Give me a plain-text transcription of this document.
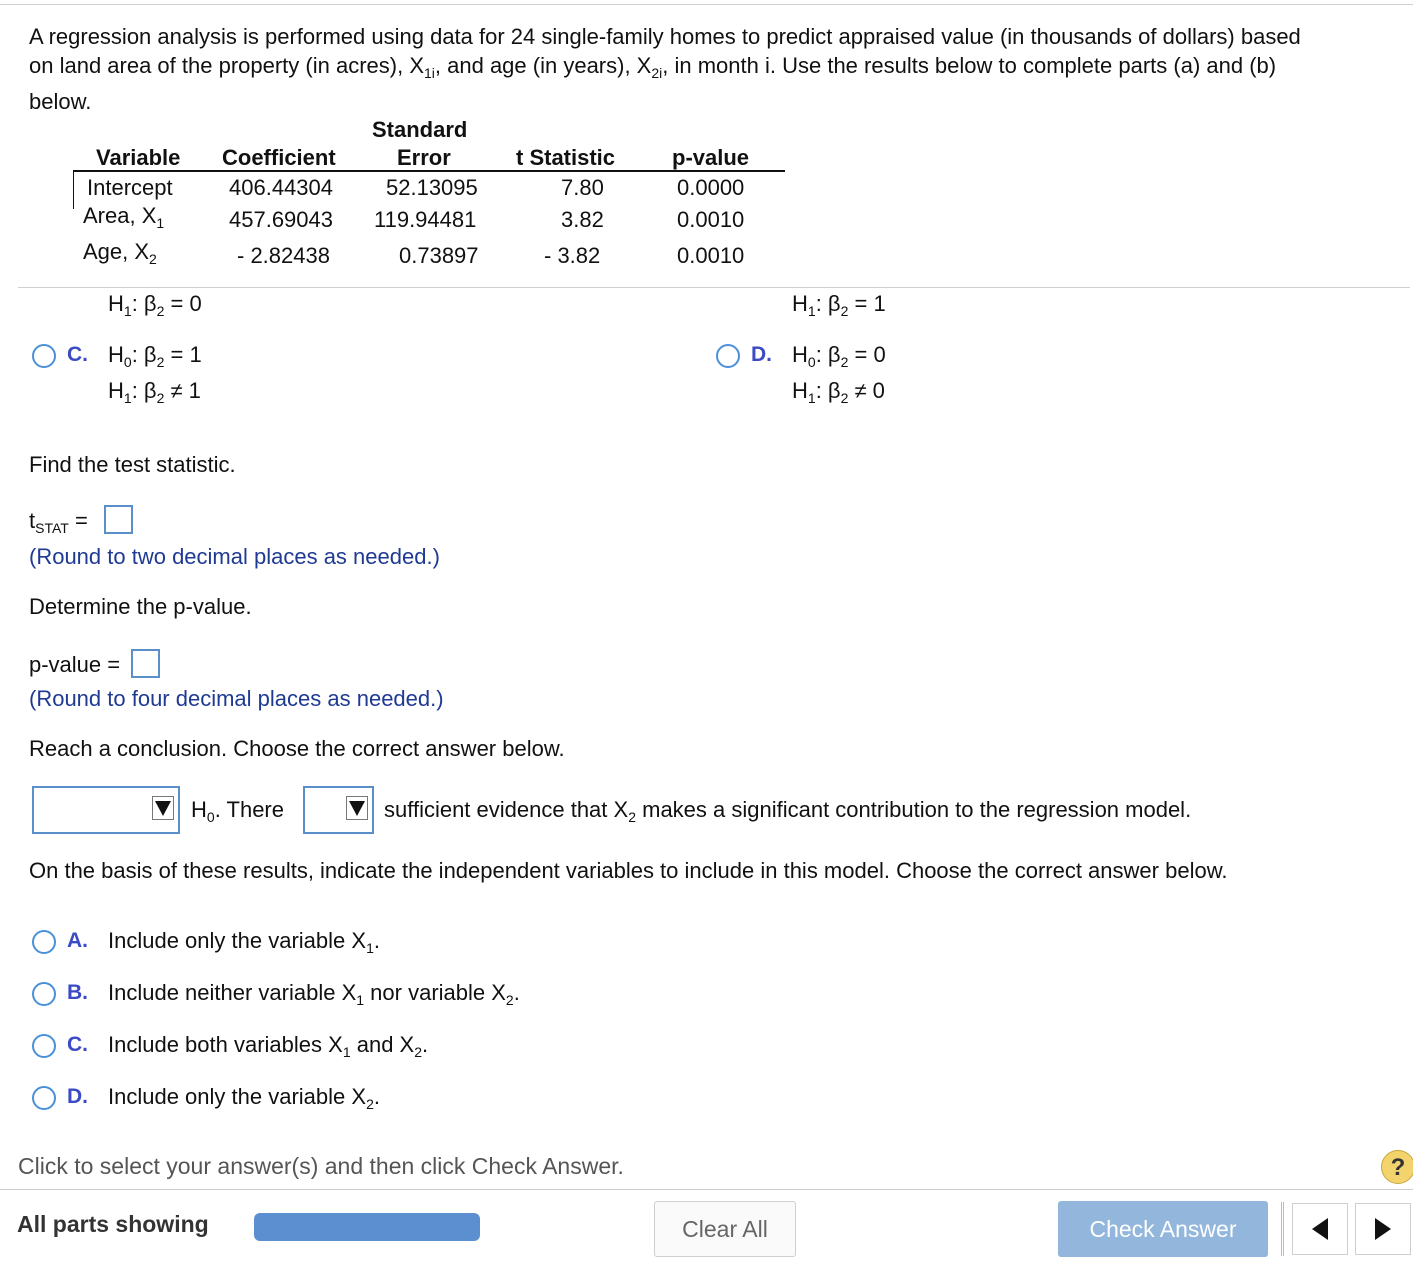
A regression analysis is performed using data for 24 single-family homes to predict appraised value (in thousands of dollars) based
on land area of the property (in acres), $X_{1i}$, and age (in years), $X_{2i}$, in month i. Use the results below to complete parts (a) and (b)
below.
Standard
Variable Coefficient	Error	t Statistic	p-value
Intercept	406.44304 52.13095	7.80	0.0000
Area, $X_1$	457.69043 119.94481	3.82	0.0010
Age, $X_2$	- 2.82438	0.73897	- 3.82	0.0010
$H_1$: $\beta_2 = 0$	$H_1$: $\beta_2 = 1$
C. $H_0$: $\beta_2 = 1$
$H_1$: $\beta_2 \ne 1$
D. $H_0$: $\beta_2 = 0$
$H_1$: $\beta_2 \ne 0$
Find the test statistic.
$t_{STAT}$ =
(Round to two decimal places as needed.)
Determine the p-value.
p-value =
(Round to four decimal places as needed.)
Reach a conclusion. Choose the correct answer below.
$H_0$. There	sufficient evidence that $X_2$ makes a significant contribution to the regression model.
On the basis of these results, indicate the independent variables to include in this model. Choose the correct answer below.
A. Include only the variable $X_1$.
B. Include neither variable $X_1$ nor variable $X_2$.
C. Include both variables $X_1$ and $X_2$.
D. Include only the variable $X_2$.
Click to select your answer(s) and then click Check Answer.	?
All parts showing	Clear All	Check Answer
